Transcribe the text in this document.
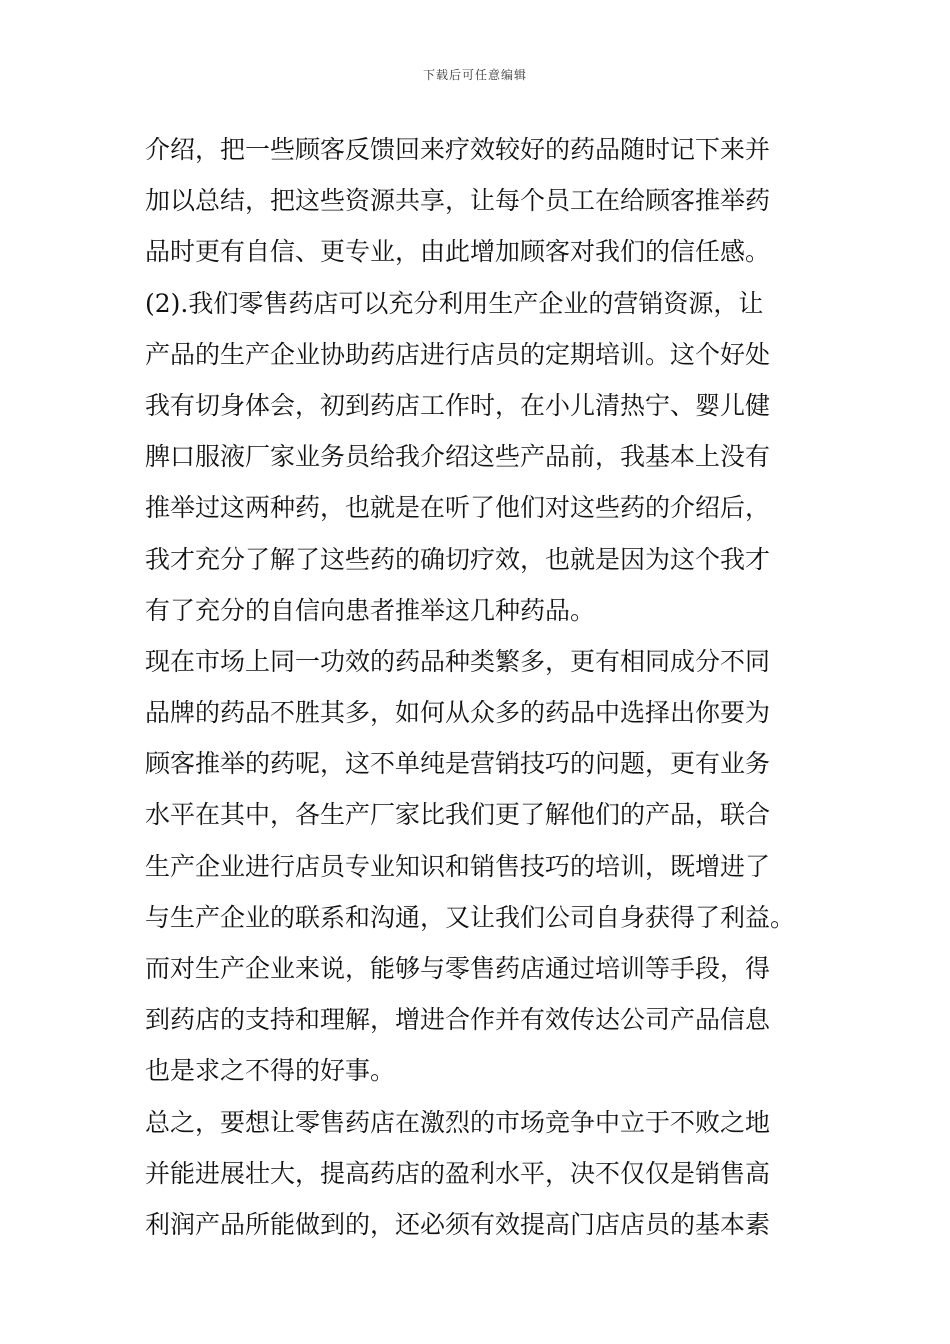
下载后可任意编辑
介绍，把一些顾客反馈回来疗效较好的药品随时记下来并
加以总结，把这些资源共享，让每个员工在给顾客推举药
品时更有自信、更专业，由此增加顾客对我们的信任感。
(2).我们零售药店可以充分利用生产企业的营销资源，让
产品的生产企业协助药店进行店员的定期培训。这个好处
我有切身体会，初到药店工作时，在小儿清热宁、婴儿健
脾口服液厂家业务员给我介绍这些产品前，我基本上没有
推举过这两种药，也就是在听了他们对这些药的介绍后，
我才充分了解了这些药的确切疗效，也就是因为这个我才
有了充分的自信向患者推举这几种药品。
现在市场上同一功效的药品种类繁多，更有相同成分不同
品牌的药品不胜其多，如何从众多的药品中选择出你要为
顾客推举的药呢，这不单纯是营销技巧的问题，更有业务
水平在其中，各生产厂家比我们更了解他们的产品，联合
生产企业进行店员专业知识和销售技巧的培训，既增进了
与生产企业的联系和沟通，又让我们公司自身获得了利益。
而对生产企业来说，能够与零售药店通过培训等手段，得
到药店的支持和理解，增进合作并有效传达公司产品信息
也是求之不得的好事。
总之，要想让零售药店在激烈的市场竞争中立于不败之地
并能进展壮大，提高药店的盈利水平，决不仅仅是销售高
利润产品所能做到的，还必须有效提高门店店员的基本素
